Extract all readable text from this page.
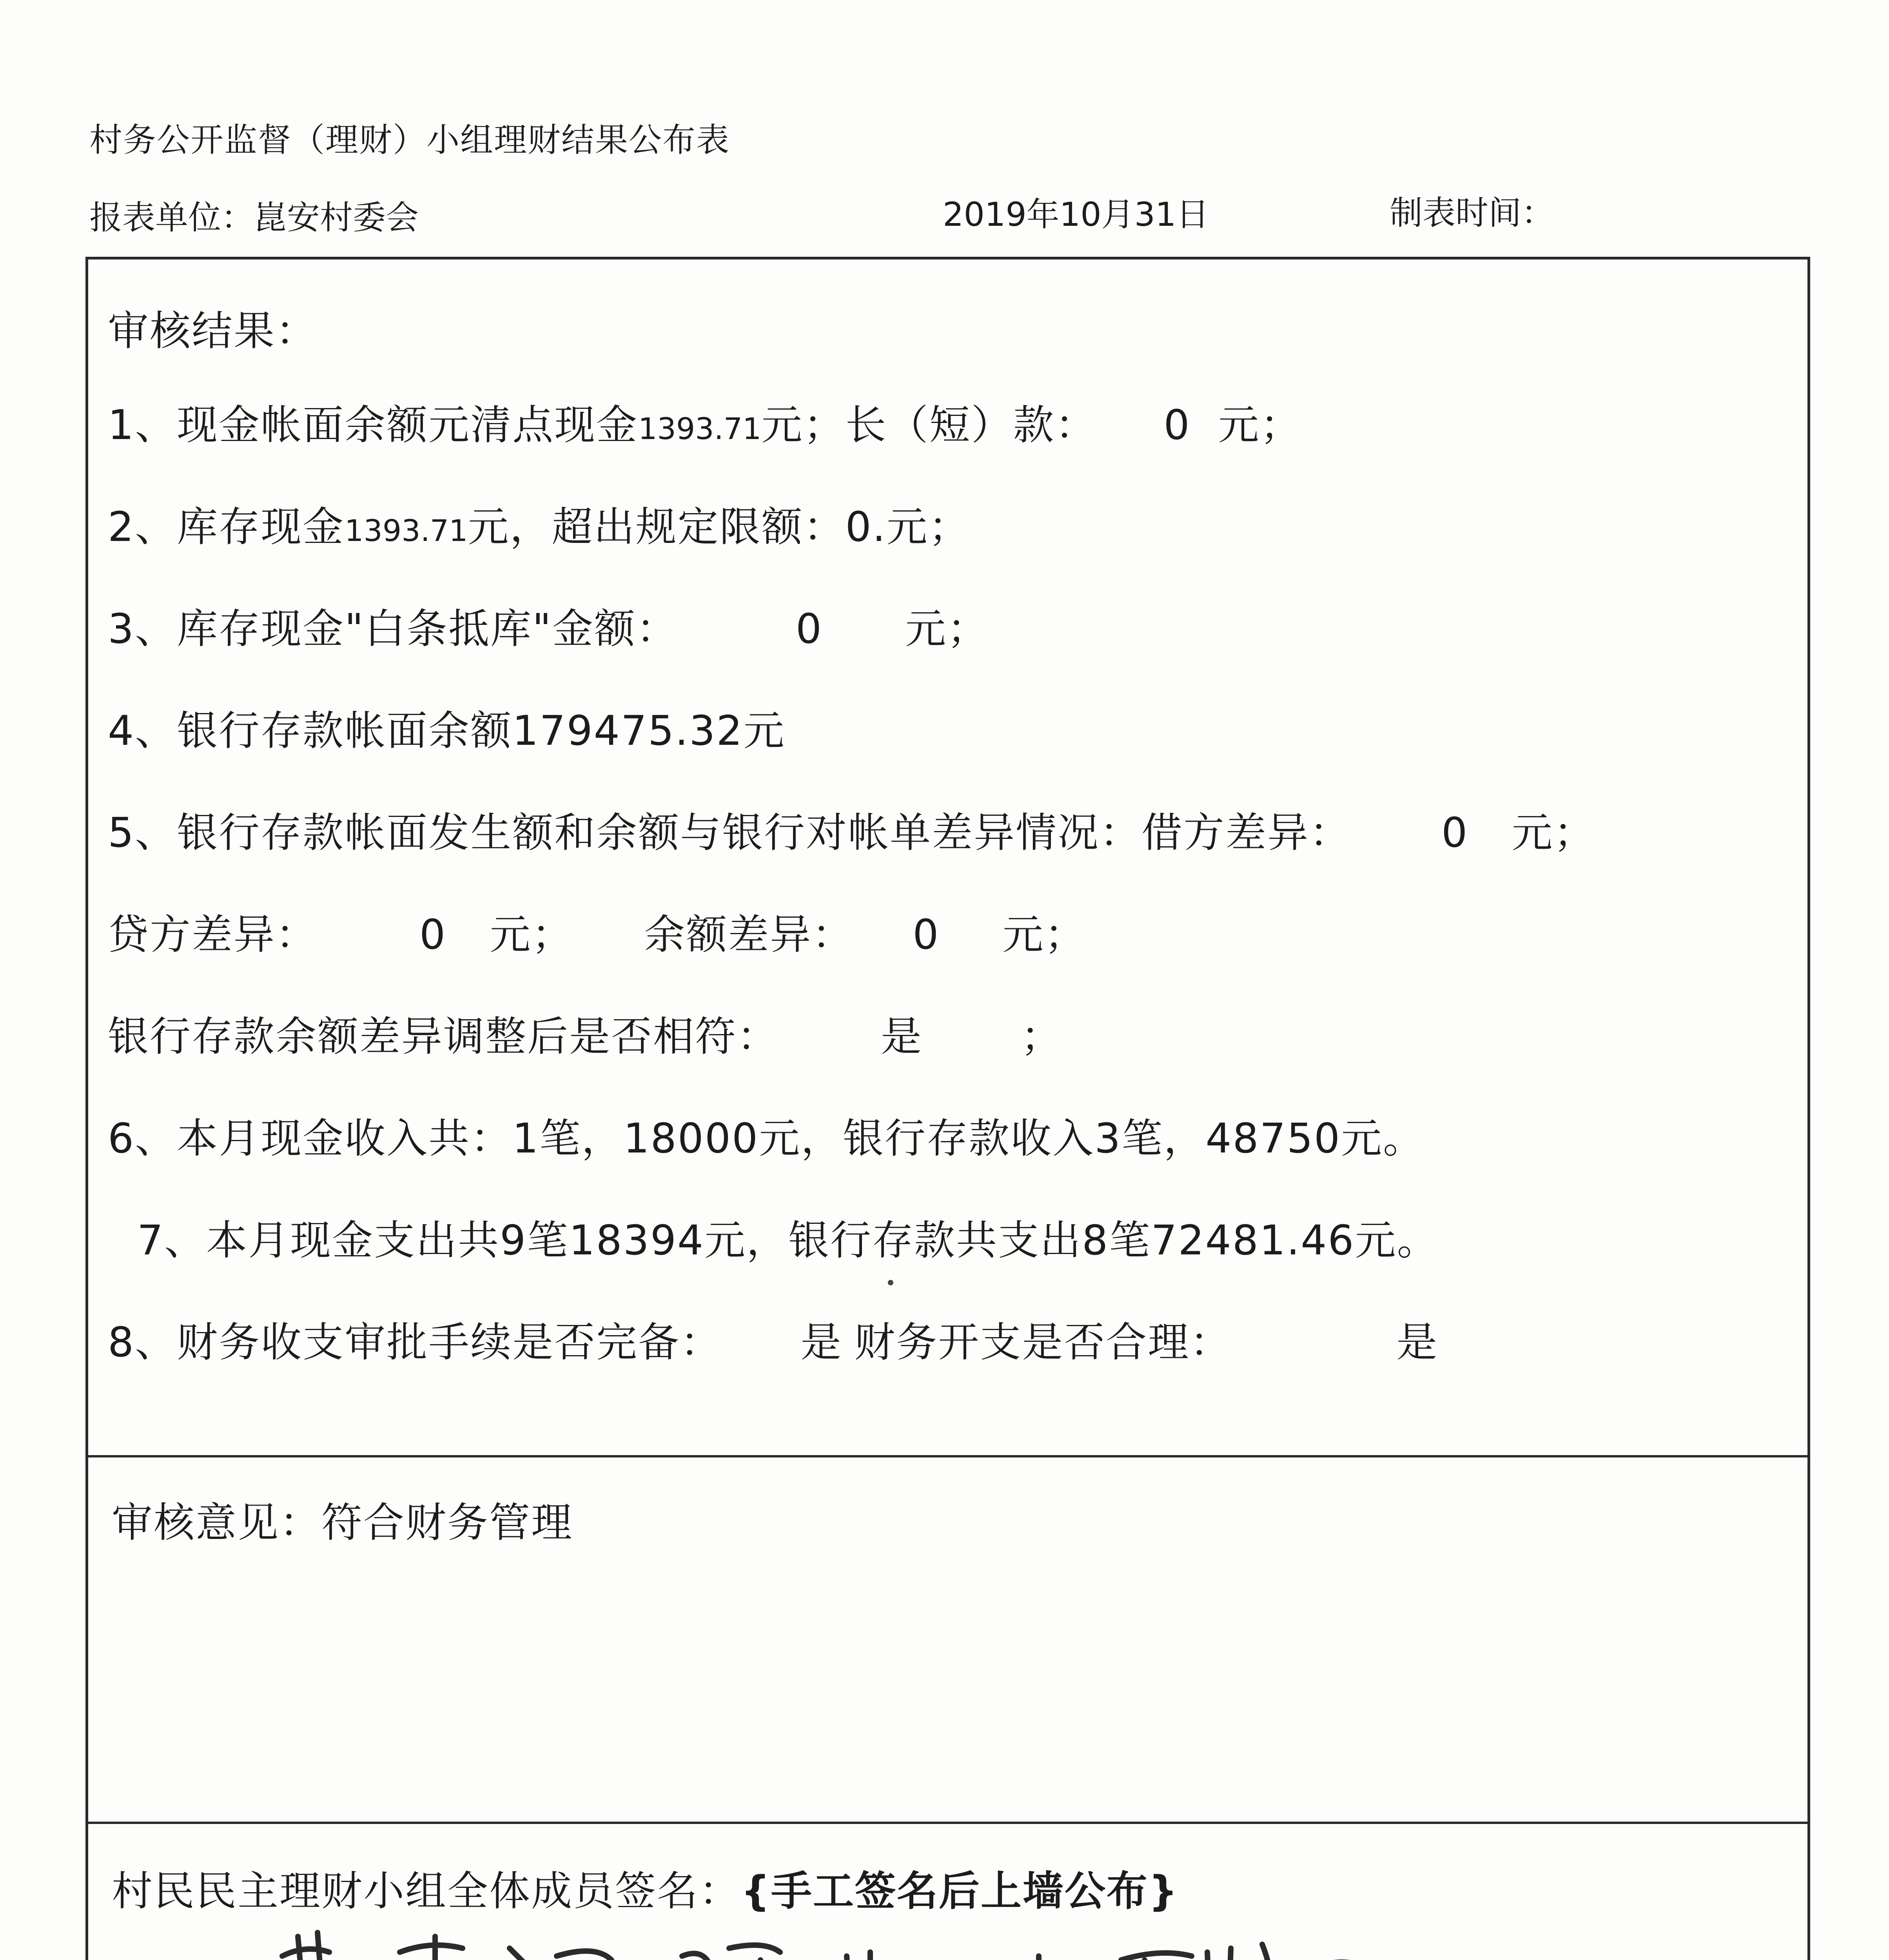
村务公开监督（理财）小组理财结果公布表
报表单位：崑安村委会	2019年10月31日	制表时间：
审核结果：
1、现金帐面余额元清点现金1393.71元；长（短）款： 0 元；
2、库存现金1393.71元，超出规定限额：0.元；
3、库存现金"白条抵库"金额：	0 元；
4、银行存款帐面余额179475.32元
5、银行存款帐面发生额和余额与银行对帐单差异情况：借方差异： 0 元；
贷方差异：	0 元； 余额差异： 0 元；
银行存款余额差异调整后是否相符：	是 ；
6、本月现金收入共：1笔，18000元，银行存款收入3笔，48750元。
7、本月现金支出共9笔18394元，银行存款共支出8笔72481.46元。
8、财务收支审批手续是否完备： 是 财务开支是否合理：	是
审核意见：符合财务管理
村民民主理财小组全体成员签名：{手工签名后上墙公布}
